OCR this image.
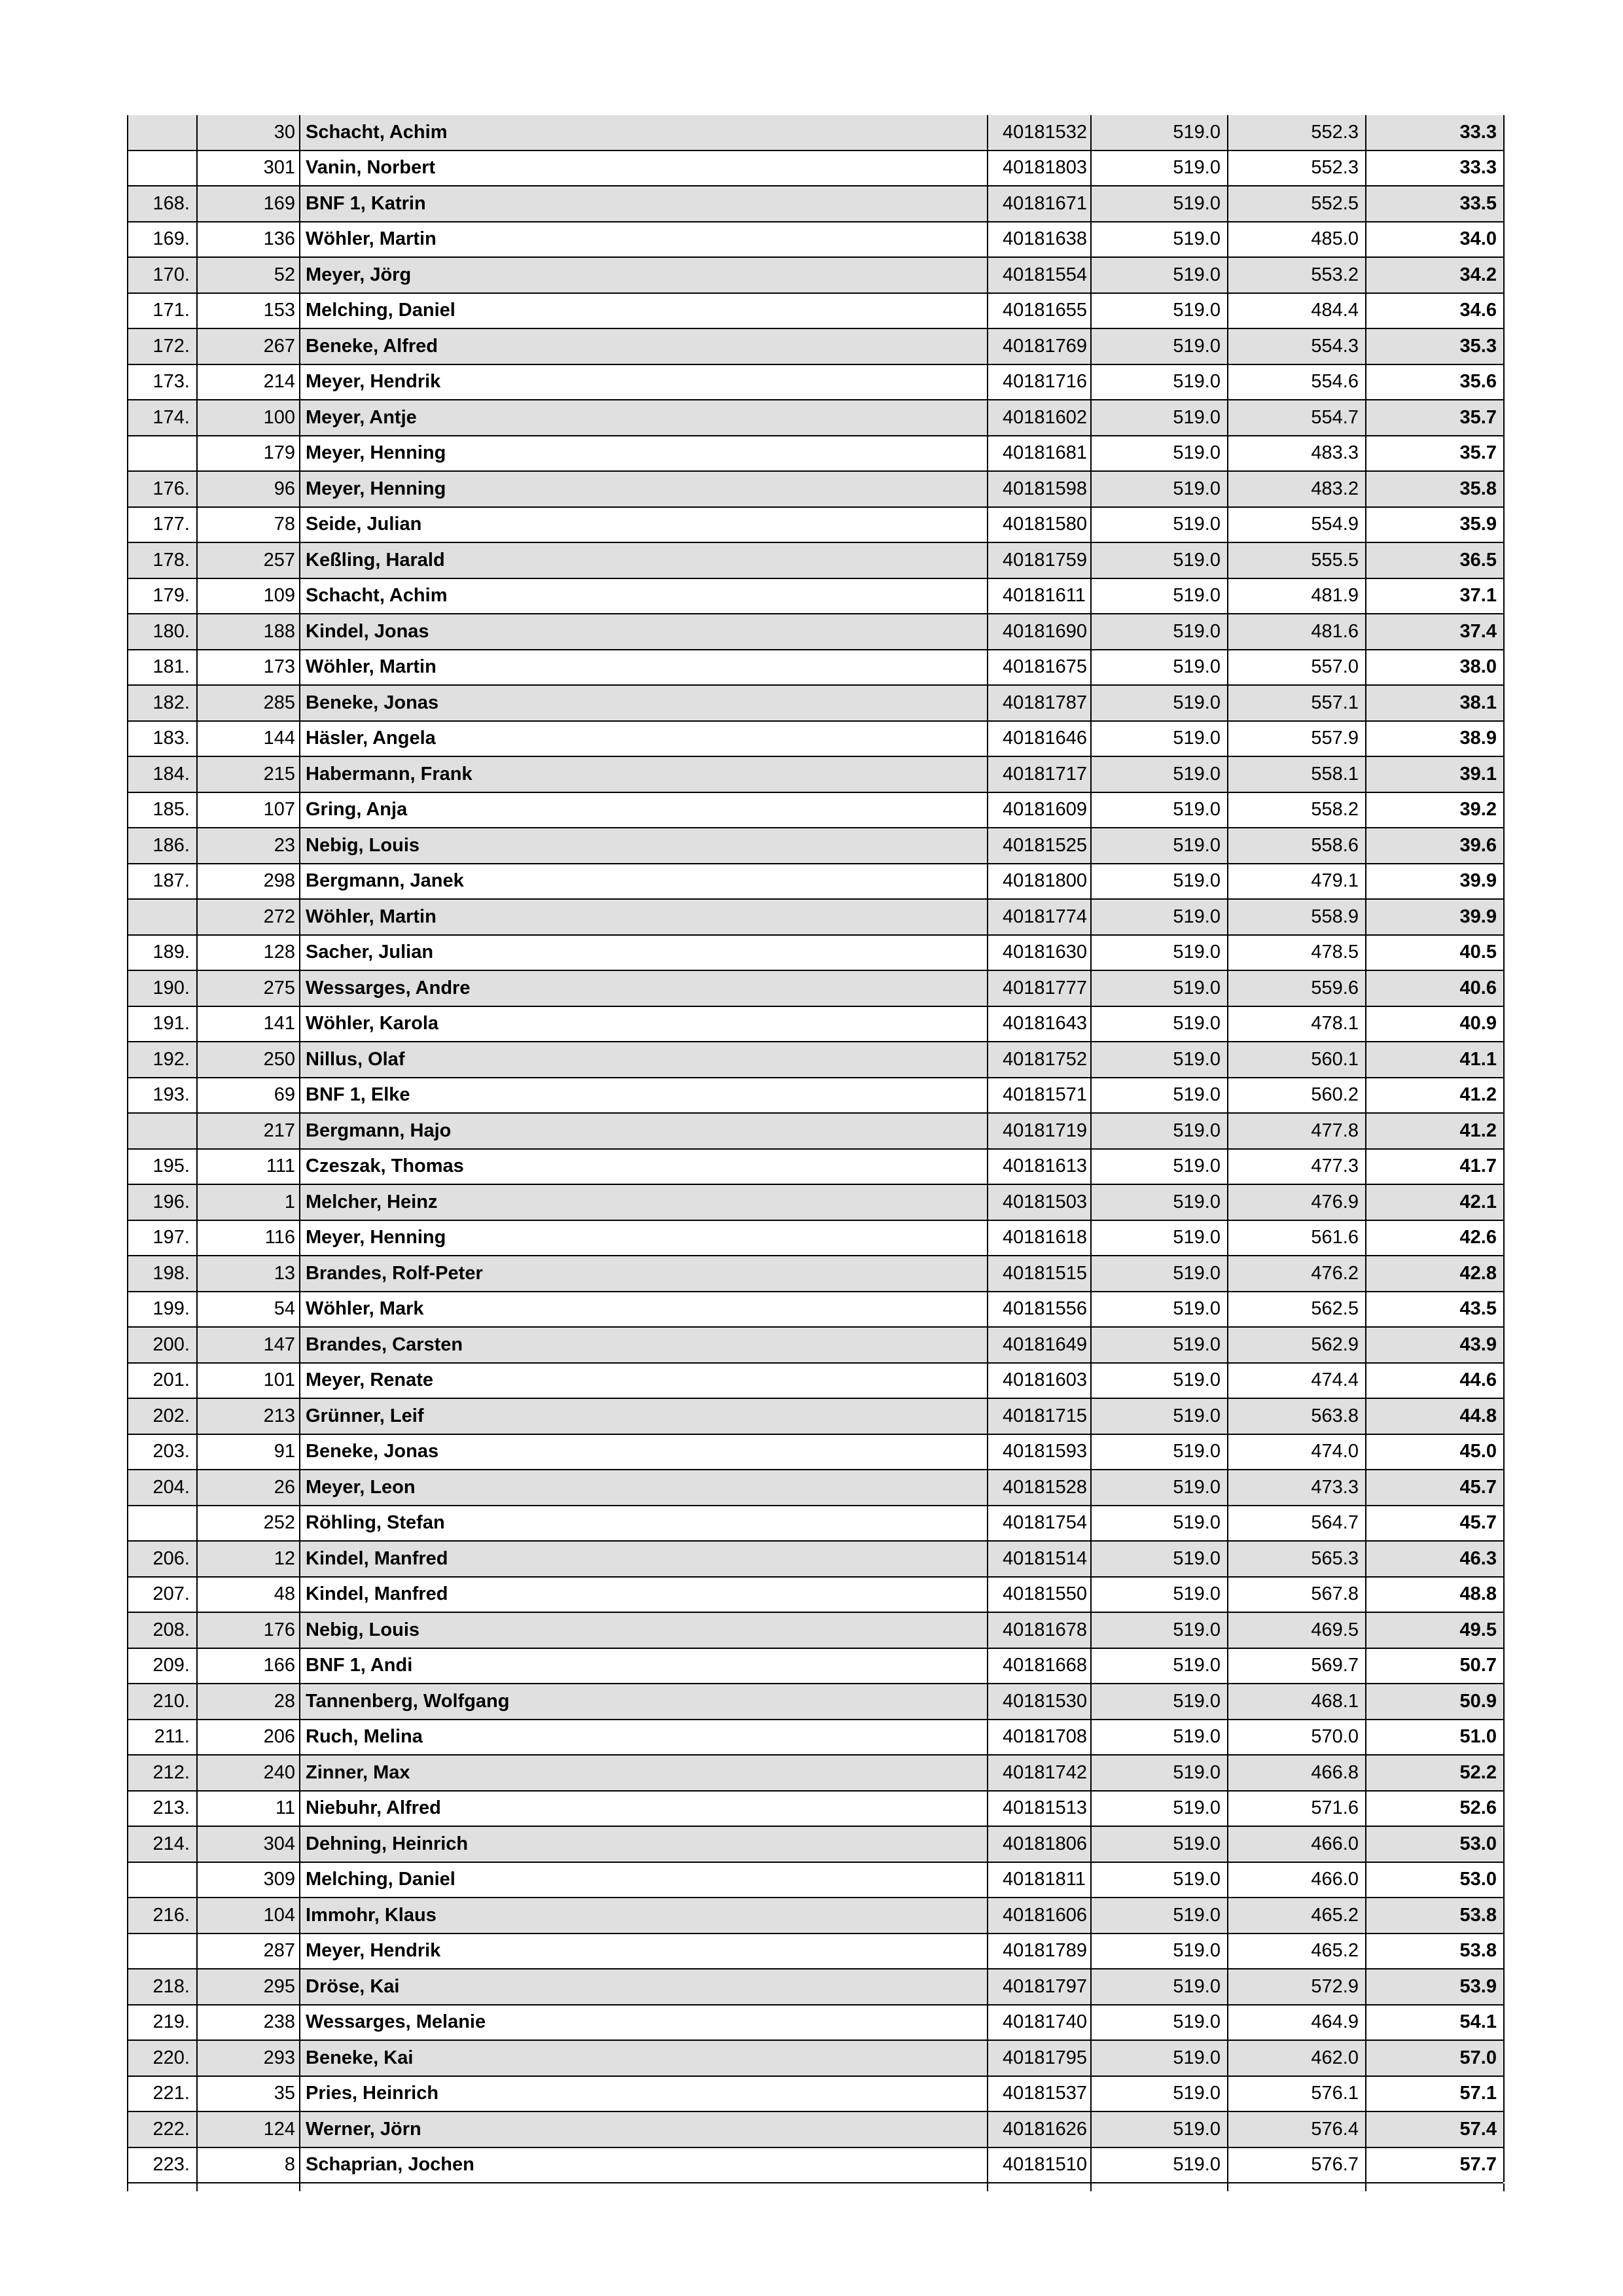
	30	Schacht, Achim	40181532	519.0	552.3	33.3
	301	Vanin, Norbert	40181803	519.0	552.3	33.3
168.	169	BNF 1, Katrin	40181671	519.0	552.5	33.5
169.	136	Wöhler, Martin	40181638	519.0	485.0	34.0
170.	52	Meyer, Jörg	40181554	519.0	553.2	34.2
171.	153	Melching, Daniel	40181655	519.0	484.4	34.6
172.	267	Beneke, Alfred	40181769	519.0	554.3	35.3
173.	214	Meyer, Hendrik	40181716	519.0	554.6	35.6
174.	100	Meyer, Antje	40181602	519.0	554.7	35.7
	179	Meyer, Henning	40181681	519.0	483.3	35.7
176.	96	Meyer, Henning	40181598	519.0	483.2	35.8
177.	78	Seide, Julian	40181580	519.0	554.9	35.9
178.	257	Keßling, Harald	40181759	519.0	555.5	36.5
179.	109	Schacht, Achim	40181611	519.0	481.9	37.1
180.	188	Kindel, Jonas	40181690	519.0	481.6	37.4
181.	173	Wöhler, Martin	40181675	519.0	557.0	38.0
182.	285	Beneke, Jonas	40181787	519.0	557.1	38.1
183.	144	Häsler, Angela	40181646	519.0	557.9	38.9
184.	215	Habermann, Frank	40181717	519.0	558.1	39.1
185.	107	Gring, Anja	40181609	519.0	558.2	39.2
186.	23	Nebig, Louis	40181525	519.0	558.6	39.6
187.	298	Bergmann, Janek	40181800	519.0	479.1	39.9
	272	Wöhler, Martin	40181774	519.0	558.9	39.9
189.	128	Sacher, Julian	40181630	519.0	478.5	40.5
190.	275	Wessarges, Andre	40181777	519.0	559.6	40.6
191.	141	Wöhler, Karola	40181643	519.0	478.1	40.9
192.	250	Nillus, Olaf	40181752	519.0	560.1	41.1
193.	69	BNF 1, Elke	40181571	519.0	560.2	41.2
	217	Bergmann, Hajo	40181719	519.0	477.8	41.2
195.	111	Czeszak, Thomas	40181613	519.0	477.3	41.7
196.	1	Melcher, Heinz	40181503	519.0	476.9	42.1
197.	116	Meyer, Henning	40181618	519.0	561.6	42.6
198.	13	Brandes, Rolf-Peter	40181515	519.0	476.2	42.8
199.	54	Wöhler, Mark	40181556	519.0	562.5	43.5
200.	147	Brandes, Carsten	40181649	519.0	562.9	43.9
201.	101	Meyer, Renate	40181603	519.0	474.4	44.6
202.	213	Grünner, Leif	40181715	519.0	563.8	44.8
203.	91	Beneke, Jonas	40181593	519.0	474.0	45.0
204.	26	Meyer, Leon	40181528	519.0	473.3	45.7
	252	Röhling, Stefan	40181754	519.0	564.7	45.7
206.	12	Kindel, Manfred	40181514	519.0	565.3	46.3
207.	48	Kindel, Manfred	40181550	519.0	567.8	48.8
208.	176	Nebig, Louis	40181678	519.0	469.5	49.5
209.	166	BNF 1, Andi	40181668	519.0	569.7	50.7
210.	28	Tannenberg, Wolfgang	40181530	519.0	468.1	50.9
211.	206	Ruch, Melina	40181708	519.0	570.0	51.0
212.	240	Zinner, Max	40181742	519.0	466.8	52.2
213.	11	Niebuhr, Alfred	40181513	519.0	571.6	52.6
214.	304	Dehning, Heinrich	40181806	519.0	466.0	53.0
	309	Melching, Daniel	40181811	519.0	466.0	53.0
216.	104	Immohr, Klaus	40181606	519.0	465.2	53.8
	287	Meyer, Hendrik	40181789	519.0	465.2	53.8
218.	295	Dröse, Kai	40181797	519.0	572.9	53.9
219.	238	Wessarges, Melanie	40181740	519.0	464.9	54.1
220.	293	Beneke, Kai	40181795	519.0	462.0	57.0
221.	35	Pries, Heinrich	40181537	519.0	576.1	57.1
222.	124	Werner, Jörn	40181626	519.0	576.4	57.4
223.	8	Schaprian, Jochen	40181510	519.0	576.7	57.7
